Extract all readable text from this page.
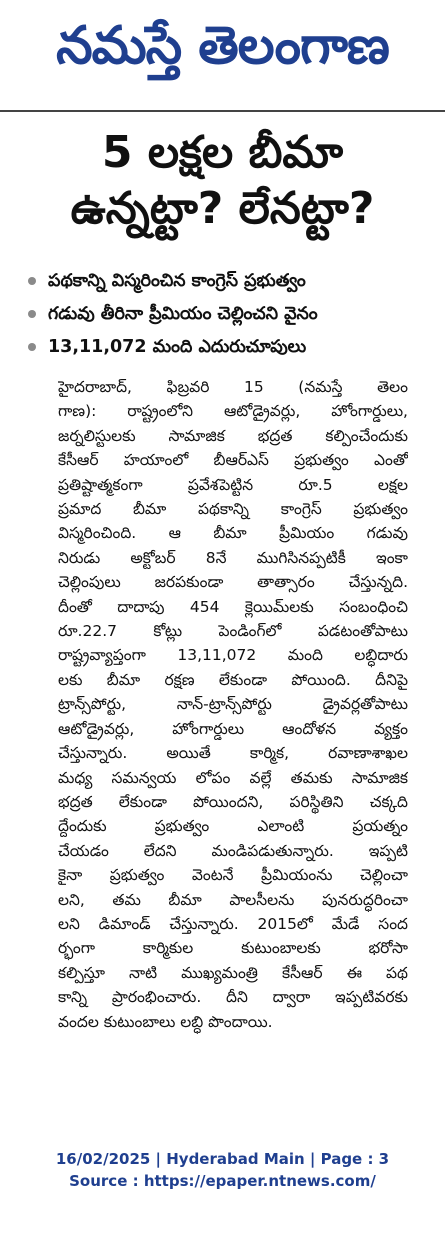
నమస్తే తెలంగాణ
5 లక్షల బీమా
ఉన్నట్టా? లేనట్టా?
పథకాన్ని విస్మరించిన కాంగ్రెస్ ప్రభుత్వం
గడువు తీరినా ప్రీమియం చెల్లించని వైనం
13,11,072 మంది ఎదురుచూపులు
హైదరాబాద్, ఫిబ్రవరి 15 (నమస్తే తెలం
గాణ): రాష్ట్రంలోని ఆటోడ్రైవర్లు, హోంగార్డులు,
జర్నలిస్టులకు సామాజిక భద్రత కల్పించేందుకు
కేసీఆర్ హయాంలో బీఆర్ఎస్ ప్రభుత్వం ఎంతో
ప్రతిష్టాత్మకంగా ప్రవేశపెట్టిన రూ.5 లక్షల
ప్రమాద బీమా పథకాన్ని కాంగ్రెస్ ప్రభుత్వం
విస్మరించింది. ఆ బీమా ప్రీమియం గడువు
నిరుడు అక్టోబర్ 8నే ముగిసినప్పటికీ ఇంకా
చెల్లింపులు జరపకుండా తాత్సారం చేస్తున్నది.
దీంతో దాదాపు 454 క్లెయిమ్‌లకు సంబంధించి
రూ.22.7 కోట్లు పెండింగ్‌లో పడటంతోపాటు
రాష్ట్రవ్యాప్తంగా 13,11,072 మంది లబ్ధిదారు
లకు బీమా రక్షణ లేకుండా పోయింది. దీనిపై
ట్రాన్స్‌పోర్టు, నాన్-ట్రాన్స్‌పోర్టు డ్రైవర్లతోపాటు
ఆటోడ్రైవర్లు, హోంగార్డులు ఆందోళన వ్యక్తం
చేస్తున్నారు. అయితే కార్మిక, రవాణాశాఖల
మధ్య సమన్వయ లోపం వల్లే తమకు సామాజిక
భద్రత లేకుండా పోయిందని, పరిస్థితిని చక్కది
ద్దేందుకు ప్రభుత్వం ఎలాంటి ప్రయత్నం
చేయడం లేదని మండిపడుతున్నారు. ఇప్పటి
కైనా ప్రభుత్వం వెంటనే ప్రీమియంను చెల్లించా
లని, తమ బీమా పాలసీలను పునరుద్ధరించా
లని డిమాండ్ చేస్తున్నారు. 2015లో మేడే సంద
ర్భంగా కార్మికుల కుటుంబాలకు భరోసా
కల్పిస్తూ నాటి ముఖ్యమంత్రి కేసీఆర్ ఈ పథ
కాన్ని ప్రారంభించారు. దీని ద్వారా ఇప్పటివరకు
వందల కుటుంబాలు లబ్ధి పొందాయి.
16/02/2025 | Hyderabad Main | Page : 3
Source : https://epaper.ntnews.com/
